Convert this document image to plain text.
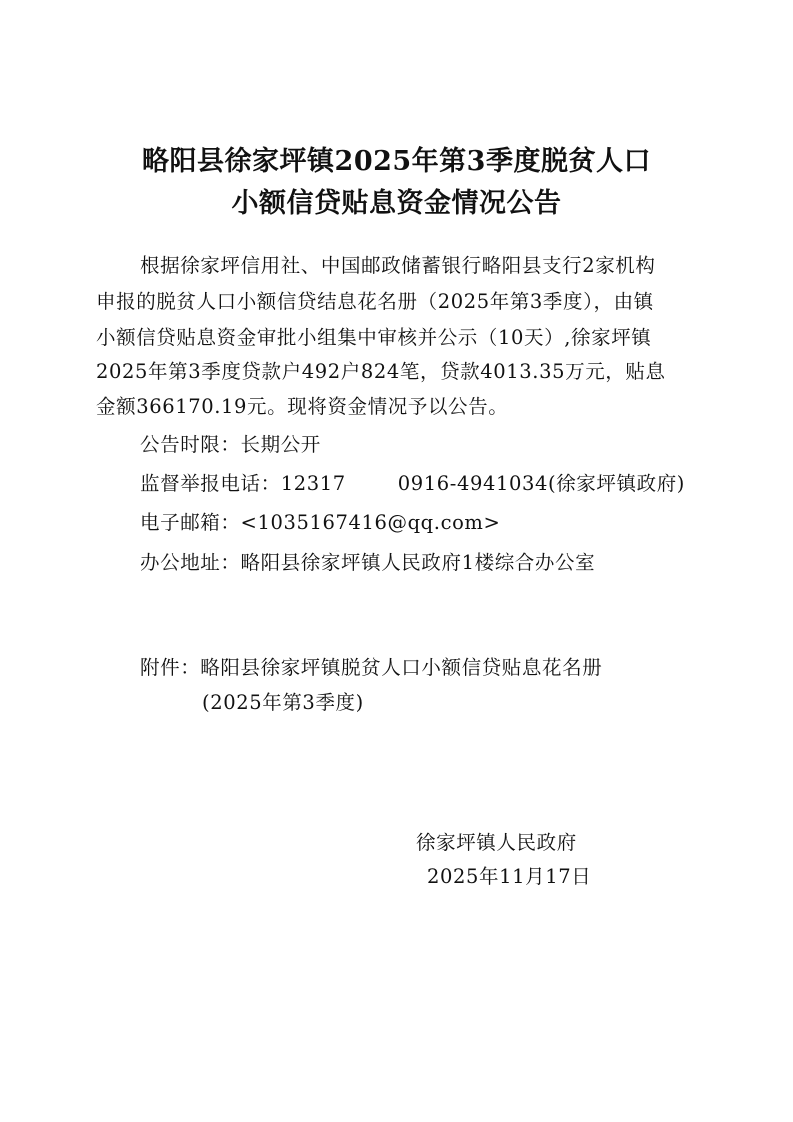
略阳县徐家坪镇2025年第3季度脱贫人口
小额信贷贴息资金情况公告
根据徐家坪信用社、中国邮政储蓄银行略阳县支行2家机构
申报的脱贫人口小额信贷结息花名册（2025年第3季度），由镇
小额信贷贴息资金审批小组集中审核并公示（10天）,徐家坪镇
2025年第3季度贷款户492户824笔，贷款4013.35万元，贴息
金额366170.19元。现将资金情况予以公告。
公告时限：长期公开
监督举报电话：12317	0916-4941034(徐家坪镇政府)
电子邮箱：<1035167416@qq.com>
办公地址：略阳县徐家坪镇人民政府1楼综合办公室
附件：略阳县徐家坪镇脱贫人口小额信贷贴息花名册
(2025年第3季度)
徐家坪镇人民政府
2025年11月17日
